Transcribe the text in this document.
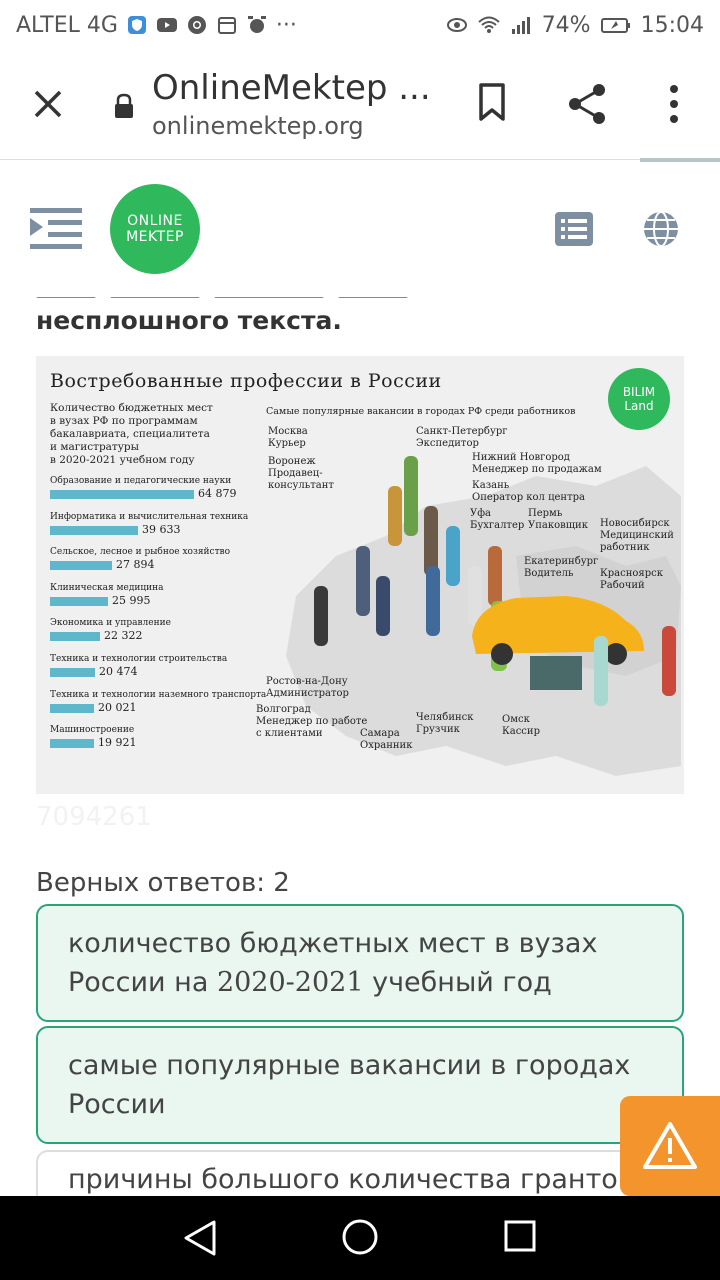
ALTEL 4G	···	74% 15:04
OnlineMektep ...
onlinemektep.org
ONLINE
MEKTEP
несплошного текста.
Востребованные профессии в России	BILIM
Land
Количество бюджетных мест
в вузах РФ по программам
бакалавриата, специалитета
и магистратуры
в 2020-2021 учебном году
Образование и педагогические науки
64 879
Информатика и вычислительная техника
39 633
Сельское, лесное и рыбное хозяйство
27 894
Клиническая медицина
25 995
Экономика и управление
22 322
Техника и технологии строительства
20 474
Техника и технологии наземного транспорта
20 021
Машиностроение
19 921
Самые популярные вакансии в городах РФ среди работников
Москва
Курьер
Воронеж
Продавец-
консультант
Санкт-Петербург
Экспедитор
Нижний Новгород
Менеджер по продажам
Казань
Оператор кол центра
Уфа
Бухгалтер
Пермь
Упаковщик Новосибирск
Медицинский
работник
Екатеринбург
Водитель	Красноярск
Рабочий
Ростов-на-Дону
Администратор
Волгоград
Менеджер по работе
с клиентами	Самара
Охранник
Челябинск
Грузчик
Омск
Кассир
7094261
Верных ответов: 2
количество бюджетных мест в вузах России на 2020-2021 учебный год
самые популярные вакансии в городах России
причины большого количества гранто
